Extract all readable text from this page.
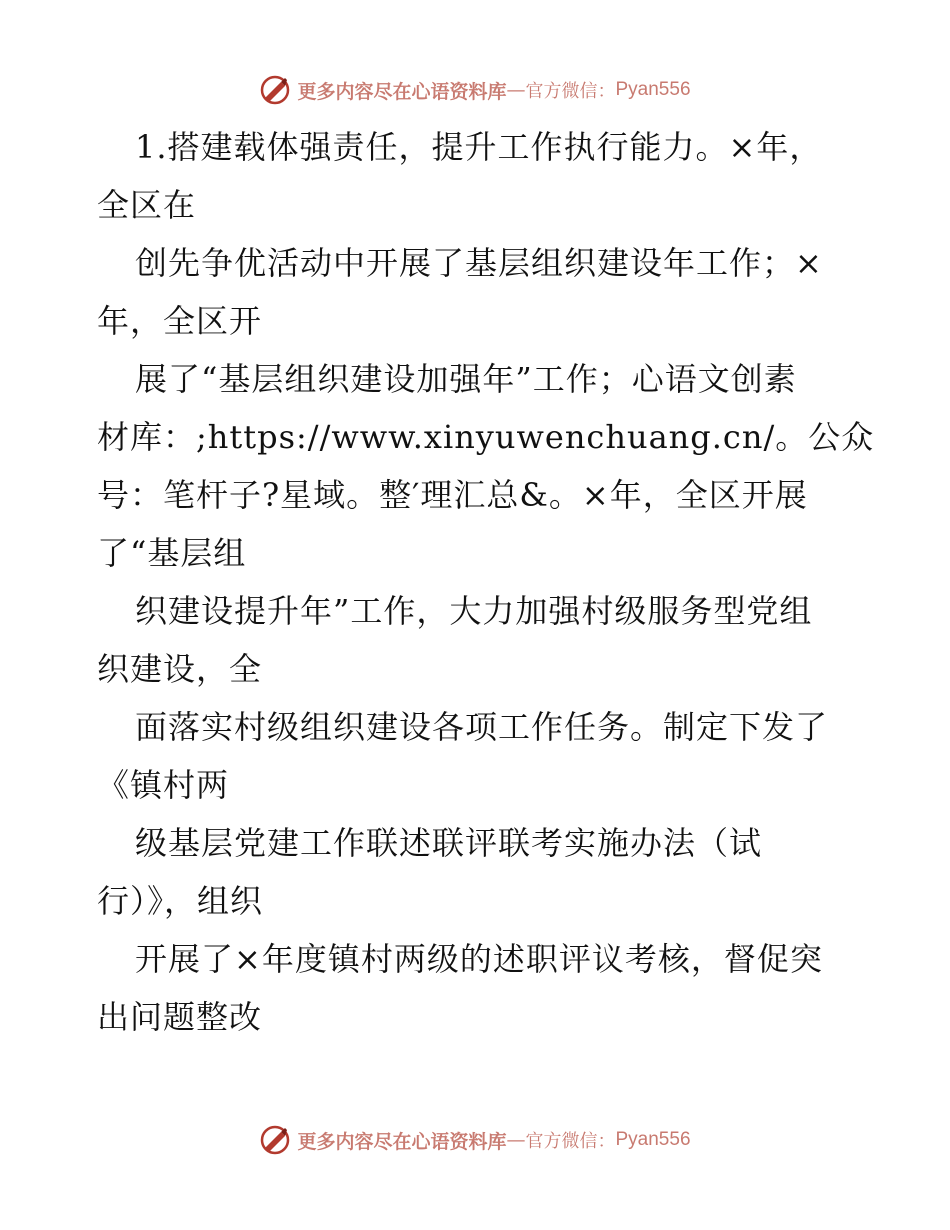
更多内容尽在心语资料库 — 官方微信： Pyan556
1.搭建载体强责任，提升工作执行能力。×年，
全区在
创先争优活动中开展了基层组织建设年工作；×
年，全区开
展了“基层组织建设加强年”工作；心语文创素
材库：;https://www.xinyuwenchuang.cn/。公众
号：笔杆子?星域。整′理汇总&。×年，全区开展
了“基层组
织建设提升年”工作，大力加强村级服务型党组
织建设，全
面落实村级组织建设各项工作任务。制定下发了
《镇村两
级基层党建工作联述联评联考实施办法（试
行）》，组织
开展了×年度镇村两级的述职评议考核，督促突
出问题整改
更多内容尽在心语资料库 — 官方微信： Pyan556
